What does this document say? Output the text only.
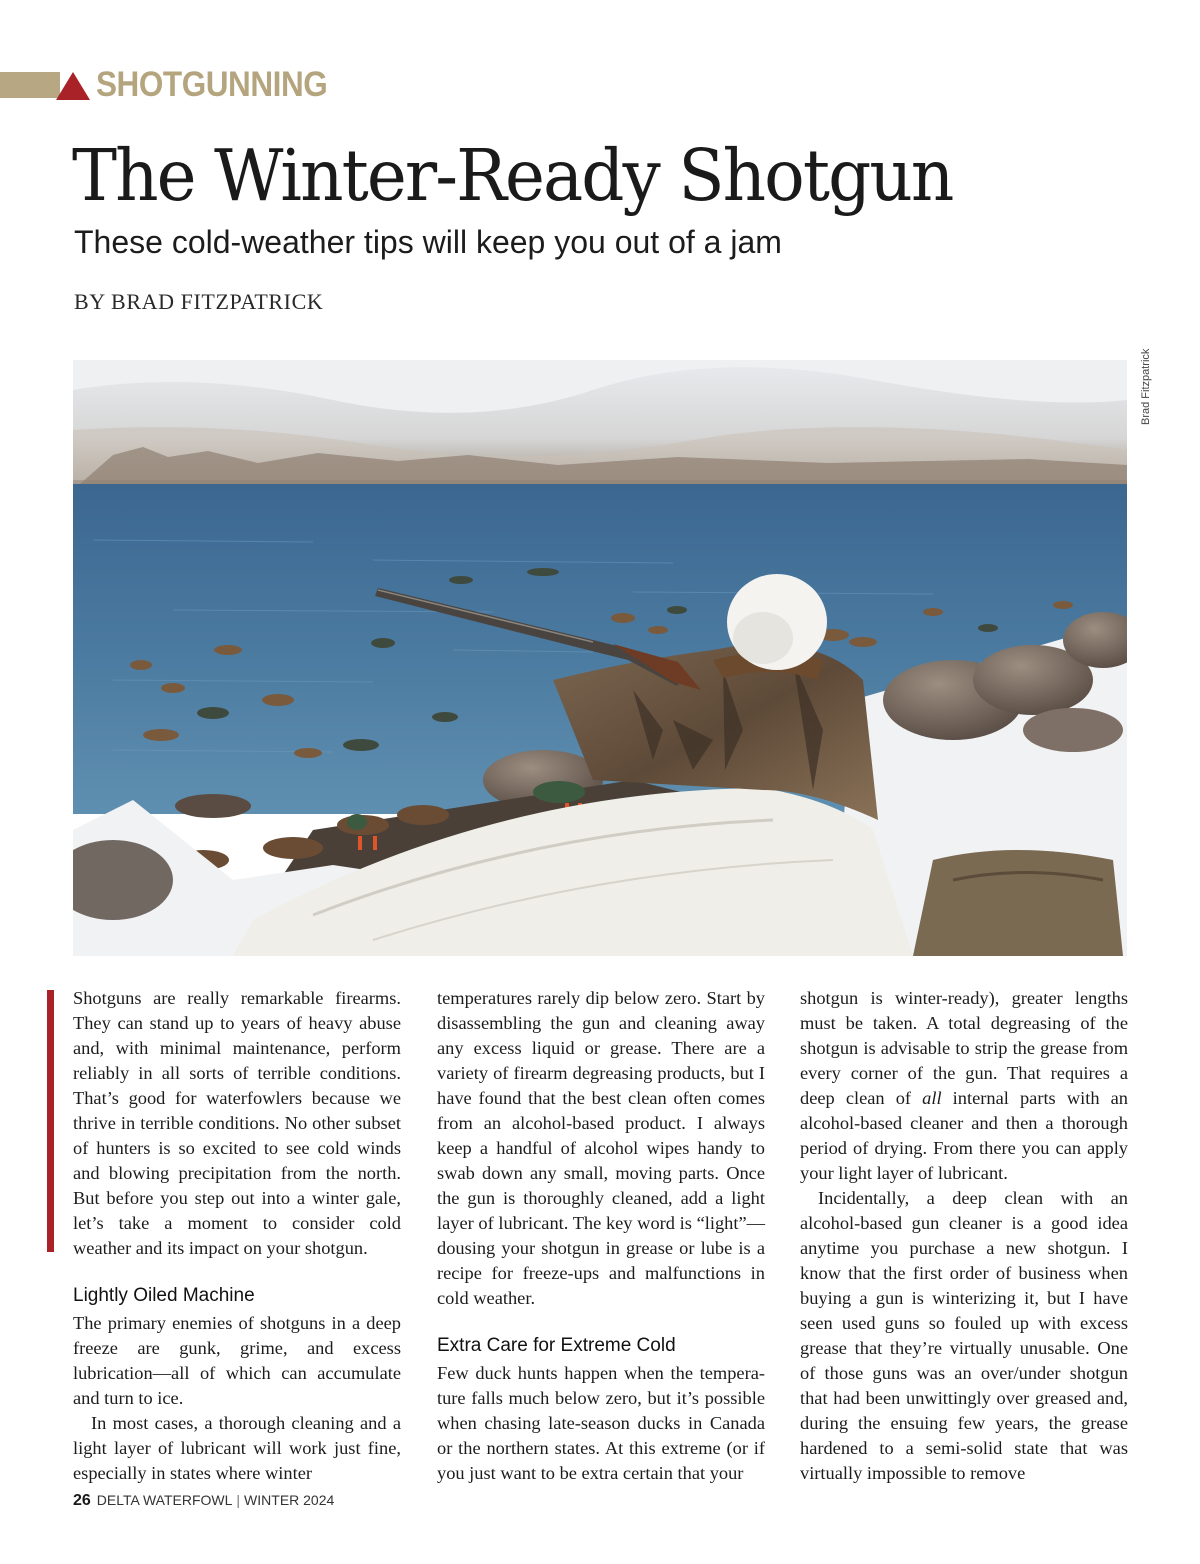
SHOTGUNNING
The Winter-Ready Shotgun
These cold-weather tips will keep you out of a jam
BY BRAD FITZPATRICK
Brad Fitzpatrick

Shotguns are really remarkable firearms. They can stand up to years of heavy abuse and, with minimal maintenance, perform reliably in all sorts of terrible conditions. That’s good for waterfowlers because we thrive in terrible conditions. No other subset of hunters is so excited to see cold winds and blowing precipitation from the north. But before you step out into a winter gale, let’s take a moment to consider cold weather and its impact on your shotgun.

Lightly Oiled Machine

The primary enemies of shotguns in a deep freeze are gunk, grime, and excess lubrication—all of which can accumulate and turn to ice.

In most cases, a thorough cleaning and a light layer of lubricant will work just fine, especially in states where winter

temperatures rarely dip below zero. Start by disassembling the gun and cleaning away any excess liquid or grease. There are a variety of firearm degreasing products, but I have found that the best clean often comes from an alcohol-based product. I always keep a handful of alcohol wipes handy to swab down any small, moving parts. Once the gun is thoroughly cleaned, add a light layer of lubricant. The key word is “light”—dousing your shotgun in grease or lube is a recipe for freeze-ups and malfunctions in cold weather.

Extra Care for Extreme Cold

Few duck hunts happen when the temperature falls much below zero, but it’s possible when chasing late-season ducks in Canada or the northern states. At this extreme (or if you just want to be extra certain that your

shotgun is winter-ready), greater lengths must be taken. A total degreasing of the shotgun is advisable to strip the grease from every corner of the gun. That requires a deep clean of all internal parts with an alcohol-based cleaner and then a thorough period of drying. From there you can apply your light layer of lubricant.

Incidentally, a deep clean with an alcohol-based gun cleaner is a good idea anytime you purchase a new shotgun. I know that the first order of business when buying a gun is winterizing it, but I have seen used guns so fouled up with excess grease that they’re virtually unusable. One of those guns was an over/under shotgun that had been unwittingly over greased and, during the ensuing few years, the grease hardened to a semi-solid state that was virtually impossible to remove

26 DELTA WATERFOWL | WINTER 2024
